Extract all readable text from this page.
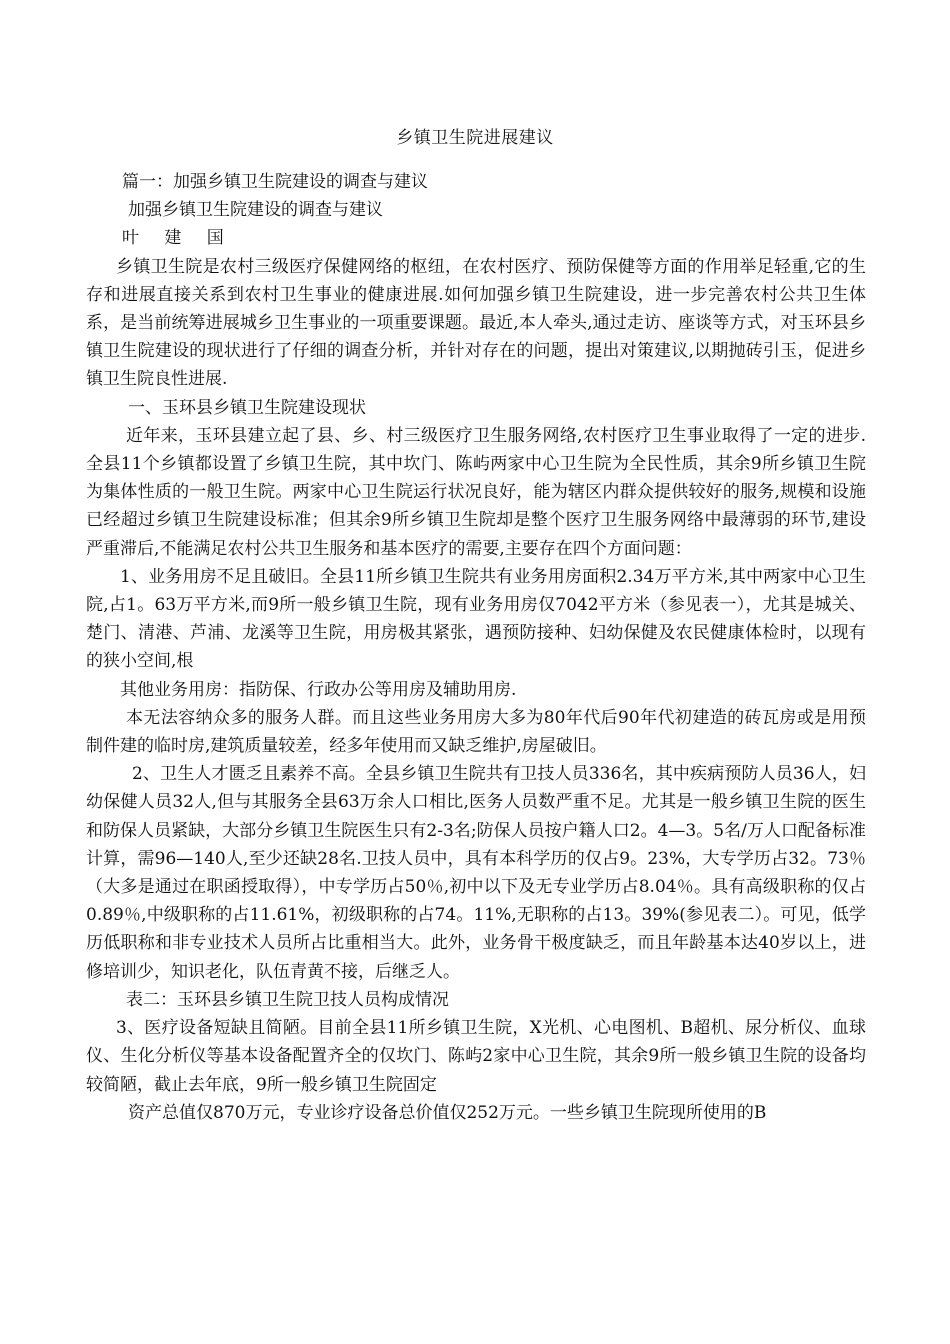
乡镇卫生院进展建议

篇一：加强乡镇卫生院建设的调查与建议

加强乡镇卫生院建设的调查与建议

叶 建 国

乡镇卫生院是农村三级医疗保健网络的枢纽，在农村医疗、预防保健等方面的作用举足轻重,它的生存和进展直接关系到农村卫生事业的健康进展.如何加强乡镇卫生院建设，进一步完善农村公共卫生体系，是当前统筹进展城乡卫生事业的一项重要课题。最近,本人牵头,通过走访、座谈等方式，对玉环县乡镇卫生院建设的现状进行了仔细的调查分析，并针对存在的问题，提出对策建议,以期抛砖引玉，促进乡镇卫生院良性进展.

一、玉环县乡镇卫生院建设现状

近年来，玉环县建立起了县、乡、村三级医疗卫生服务网络,农村医疗卫生事业取得了一定的进步.全县11个乡镇都设置了乡镇卫生院，其中坎门、陈屿两家中心卫生院为全民性质，其余9所乡镇卫生院为集体性质的一般卫生院。两家中心卫生院运行状况良好，能为辖区内群众提供较好的服务,规模和设施已经超过乡镇卫生院建设标准；但其余9所乡镇卫生院却是整个医疗卫生服务网络中最薄弱的环节,建设严重滞后,不能满足农村公共卫生服务和基本医疗的需要,主要存在四个方面问题：

1、业务用房不足且破旧。全县11所乡镇卫生院共有业务用房面积2.34万平方米,其中两家中心卫生院,占1。63万平方米,而9所一般乡镇卫生院，现有业务用房仅7042平方米（参见表一），尤其是城关、楚门、清港、芦浦、龙溪等卫生院，用房极其紧张，遇预防接种、妇幼保健及农民健康体检时，以现有的狭小空间,根

其他业务用房：指防保、行政办公等用房及辅助用房.

本无法容纳众多的服务人群。而且这些业务用房大多为80年代后90年代初建造的砖瓦房或是用预制件建的临时房,建筑质量较差，经多年使用而又缺乏维护,房屋破旧。

2、卫生人才匮乏且素养不高。全县乡镇卫生院共有卫技人员336名，其中疾病预防人员36人，妇幼保健人员32人,但与其服务全县63万余人口相比,医务人员数严重不足。尤其是一般乡镇卫生院的医生和防保人员紧缺，大部分乡镇卫生院医生只有2-3名;防保人员按户籍人口2。4—3。5名/万人口配备标准计算，需96—140人,至少还缺28名.卫技人员中，具有本科学历的仅占9。23%，大专学历占32。73％（大多是通过在职函授取得），中专学历占50％,初中以下及无专业学历占8.04％。具有高级职称的仅占0.89％,中级职称的占11.61%，初级职称的占74。11%,无职称的占13。39%(参见表二）。可见，低学历低职称和非专业技术人员所占比重相当大。此外，业务骨干极度缺乏，而且年龄基本达40岁以上，进修培训少，知识老化，队伍青黄不接，后继乏人。

表二：玉环县乡镇卫生院卫技人员构成情况

3、医疗设备短缺且简陋。目前全县11所乡镇卫生院，X光机、心电图机、B超机、尿分析仪、血球仪、生化分析仪等基本设备配置齐全的仅坎门、陈屿2家中心卫生院，其余9所一般乡镇卫生院的设备均较简陋，截止去年底，9所一般乡镇卫生院固定

资产总值仅870万元，专业诊疗设备总价值仅252万元。一些乡镇卫生院现所使用的B
